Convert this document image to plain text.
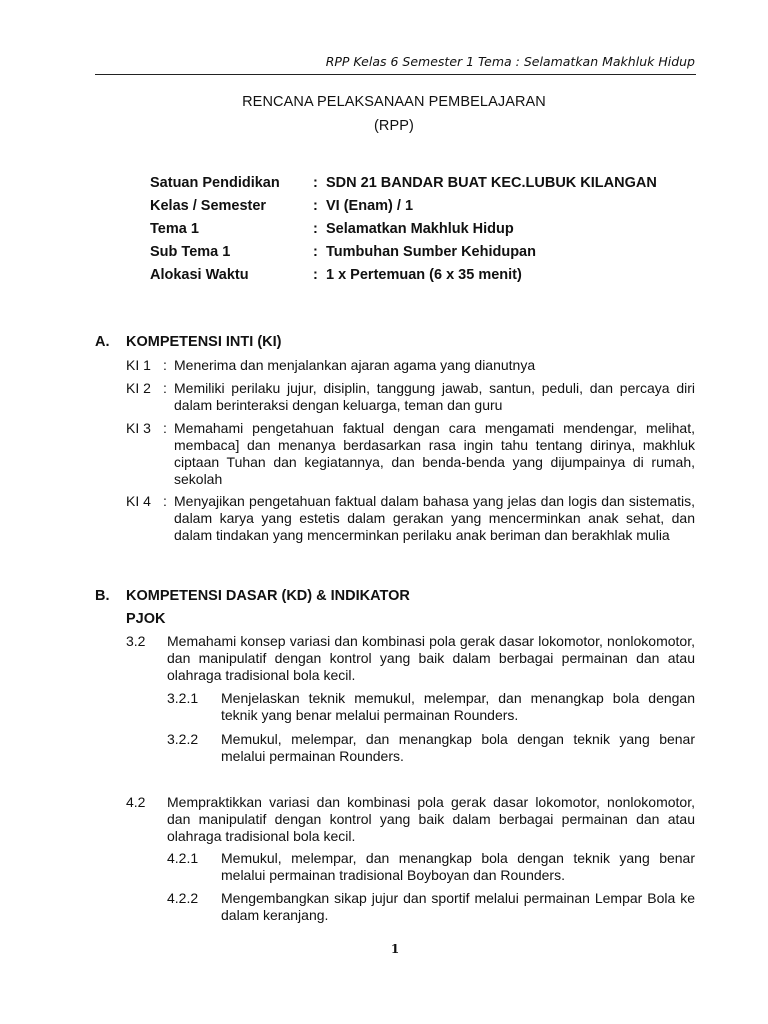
RPP Kelas 6 Semester 1 Tema : Selamatkan Makhluk Hidup
RENCANA PELAKSANAAN PEMBELAJARAN
(RPP)
Satuan Pendidikan : SDN 21 BANDAR BUAT KEC.LUBUK KILANGAN
Kelas / Semester	: VI (Enam) / 1
Tema 1	: Selamatkan Makhluk Hidup
Sub Tema 1	: Tumbuhan Sumber Kehidupan
Alokasi Waktu	: 1 x Pertemuan (6 x 35 menit)
A. KOMPETENSI INTI (KI)
KI 1 : Menerima dan menjalankan ajaran agama yang dianutnya
KI 2 : Memiliki perilaku jujur, disiplin, tanggung jawab, santun, peduli, dan percaya diri dalam berinteraksi dengan keluarga, teman dan guru
KI 3 : Memahami pengetahuan faktual dengan cara mengamati mendengar, melihat, membaca] dan menanya berdasarkan rasa ingin tahu tentang dirinya, makhluk ciptaan Tuhan dan kegiatannya, dan benda-benda yang dijumpainya di rumah, sekolah
KI 4 : Menyajikan pengetahuan faktual dalam bahasa yang jelas dan logis dan sistematis, dalam karya yang estetis dalam gerakan yang mencerminkan anak sehat, dan dalam tindakan yang mencerminkan perilaku anak beriman dan berakhlak mulia
B. KOMPETENSI DASAR (KD) & INDIKATOR
PJOK
3.2 Memahami konsep variasi dan kombinasi pola gerak dasar lokomotor, nonlokomotor, dan manipulatif dengan kontrol yang baik dalam berbagai permainan dan atau olahraga tradisional bola kecil.
3.2.1 Menjelaskan teknik memukul, melempar, dan menangkap bola dengan teknik yang benar melalui permainan Rounders.
3.2.2 Memukul, melempar, dan menangkap bola dengan teknik yang benar melalui permainan Rounders.
4.2 Mempraktikkan variasi dan kombinasi pola gerak dasar lokomotor, nonlokomotor, dan manipulatif dengan kontrol yang baik dalam berbagai permainan dan atau olahraga tradisional bola kecil.
4.2.1 Memukul, melempar, dan menangkap bola dengan teknik yang benar melalui permainan tradisional Boyboyan dan Rounders.
4.2.2 Mengembangkan sikap jujur dan sportif melalui permainan Lempar Bola ke dalam keranjang.
1
